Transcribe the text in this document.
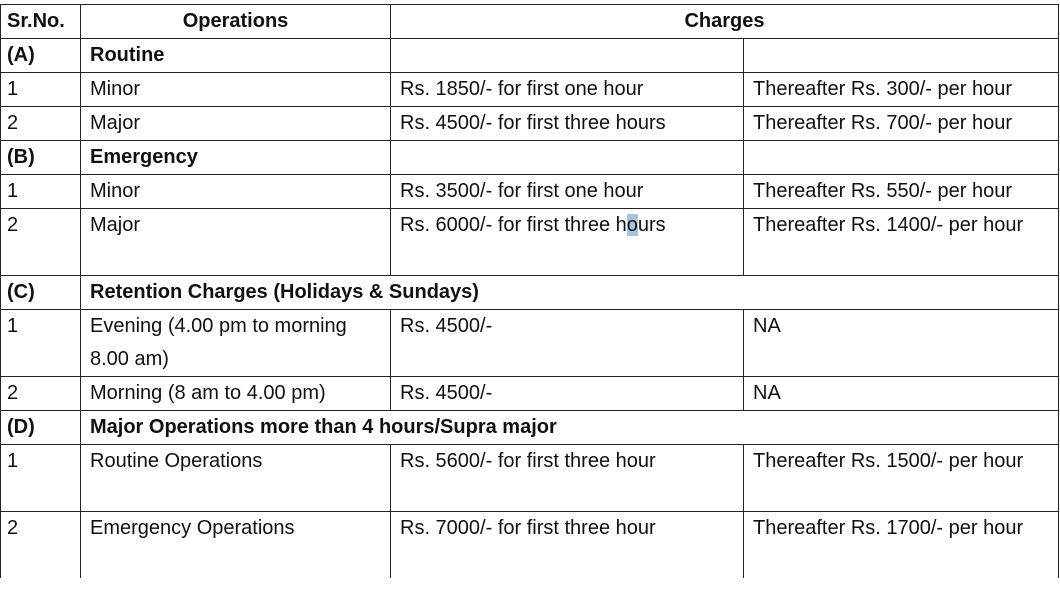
Sr.No.	Operations	Charges	
(A)	Routine		
1	Minor	Rs. 1850/- for first one hour	Thereafter Rs. 300/- per hour
2	Major	Rs. 4500/- for first three hours	Thereafter Rs. 700/- per hour
(B)	Emergency		
1	Minor	Rs. 3500/- for first one hour	Thereafter Rs. 550/- per hour
2	Major	Rs. 6000/- for first three hours	Thereafter Rs. 1400/- per hour
(C)	Retention Charges (Holidays & Sundays)		
1	Evening (4.00 pm to morning 8.00 am)	Rs. 4500/-	NA
2	Morning (8 am to 4.00 pm)	Rs. 4500/-	NA
(D)	Major Operations more than 4 hours/Supra major		
1	Routine Operations	Rs. 5600/- for first three hour	Thereafter Rs. 1500/- per hour
2	Emergency Operations	Rs. 7000/- for first three hour	Thereafter Rs. 1700/- per hour
